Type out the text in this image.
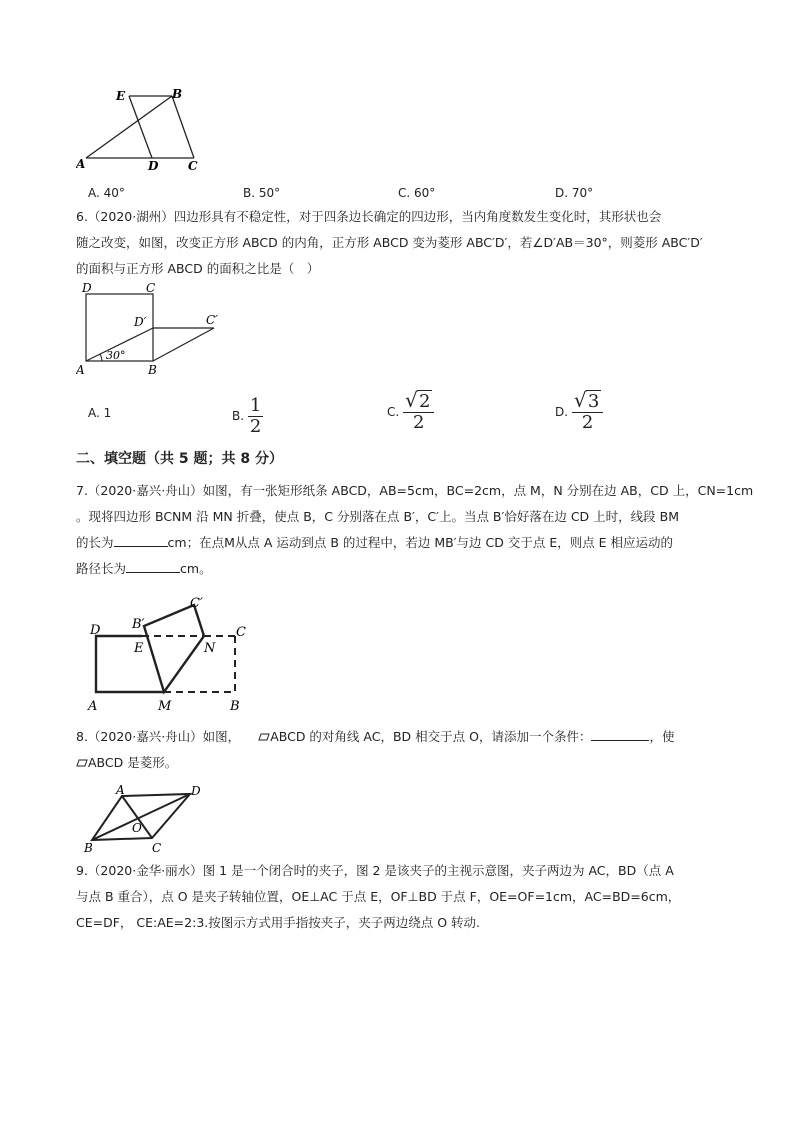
E	B
A	D C
A. 40°	B. 50°	C. 60°	D. 70°
6.（2020·湖州）四边形具有不稳定性，对于四条边长确定的四边形，当内角度数发生变化时，其形状也会
随之改变，如图，改变正方形 ABCD 的内角，正方形 ABCD 变为菱形 ABC′D′，若∠D′AB＝30°，则菱形 ABC′D′
的面积与正方形 ABCD 的面积之比是（　）
D	C
D′	C′
30°
A	B
A. 1	B. $\frac{1}{2}$	C. $\frac{√ 2}{2}$	D. $\frac{√ 3}{2}$
二、填空题（共 5 题；共 8 分）
7.（2020·嘉兴·舟山）如图，有一张矩形纸条 ABCD，AB=5cm，BC=2cm，点 M，N 分别在边 AB，CD 上，CN=1cm
。现将四边形 BCNM 沿 MN 折叠，使点 B，C 分别落在点 B′，C′上。当点 B′恰好落在边 CD 上时，线段 BM
的长为	cm；在点M从点 A 运动到点 B 的过程中，若边 MB′与边 CD 交于点 E，则点 E 相应运动的
路径长为	cm。
C′
D B′
C
E	N
A	M	B
8.（2020·嘉兴·舟山）如图， ABCD 的对角线 AC，BD 相交于点 O，请添加一个条件：	，使
ABCD 是菱形。
A	D
O
B	C
9.（2020·金华·丽水）图 1 是一个闭合时的夹子，图 2 是该夹子的主视示意图，夹子两边为 AC，BD（点 A
与点 B 重合），点 O 是夹子转轴位置，OE⊥AC 于点 E，OF⊥BD 于点 F，OE=OF=1cm，AC=BD=6cm，
CE=DF， CE:AE=2:3.按图示方式用手指按夹子，夹子两边绕点 O 转动.
